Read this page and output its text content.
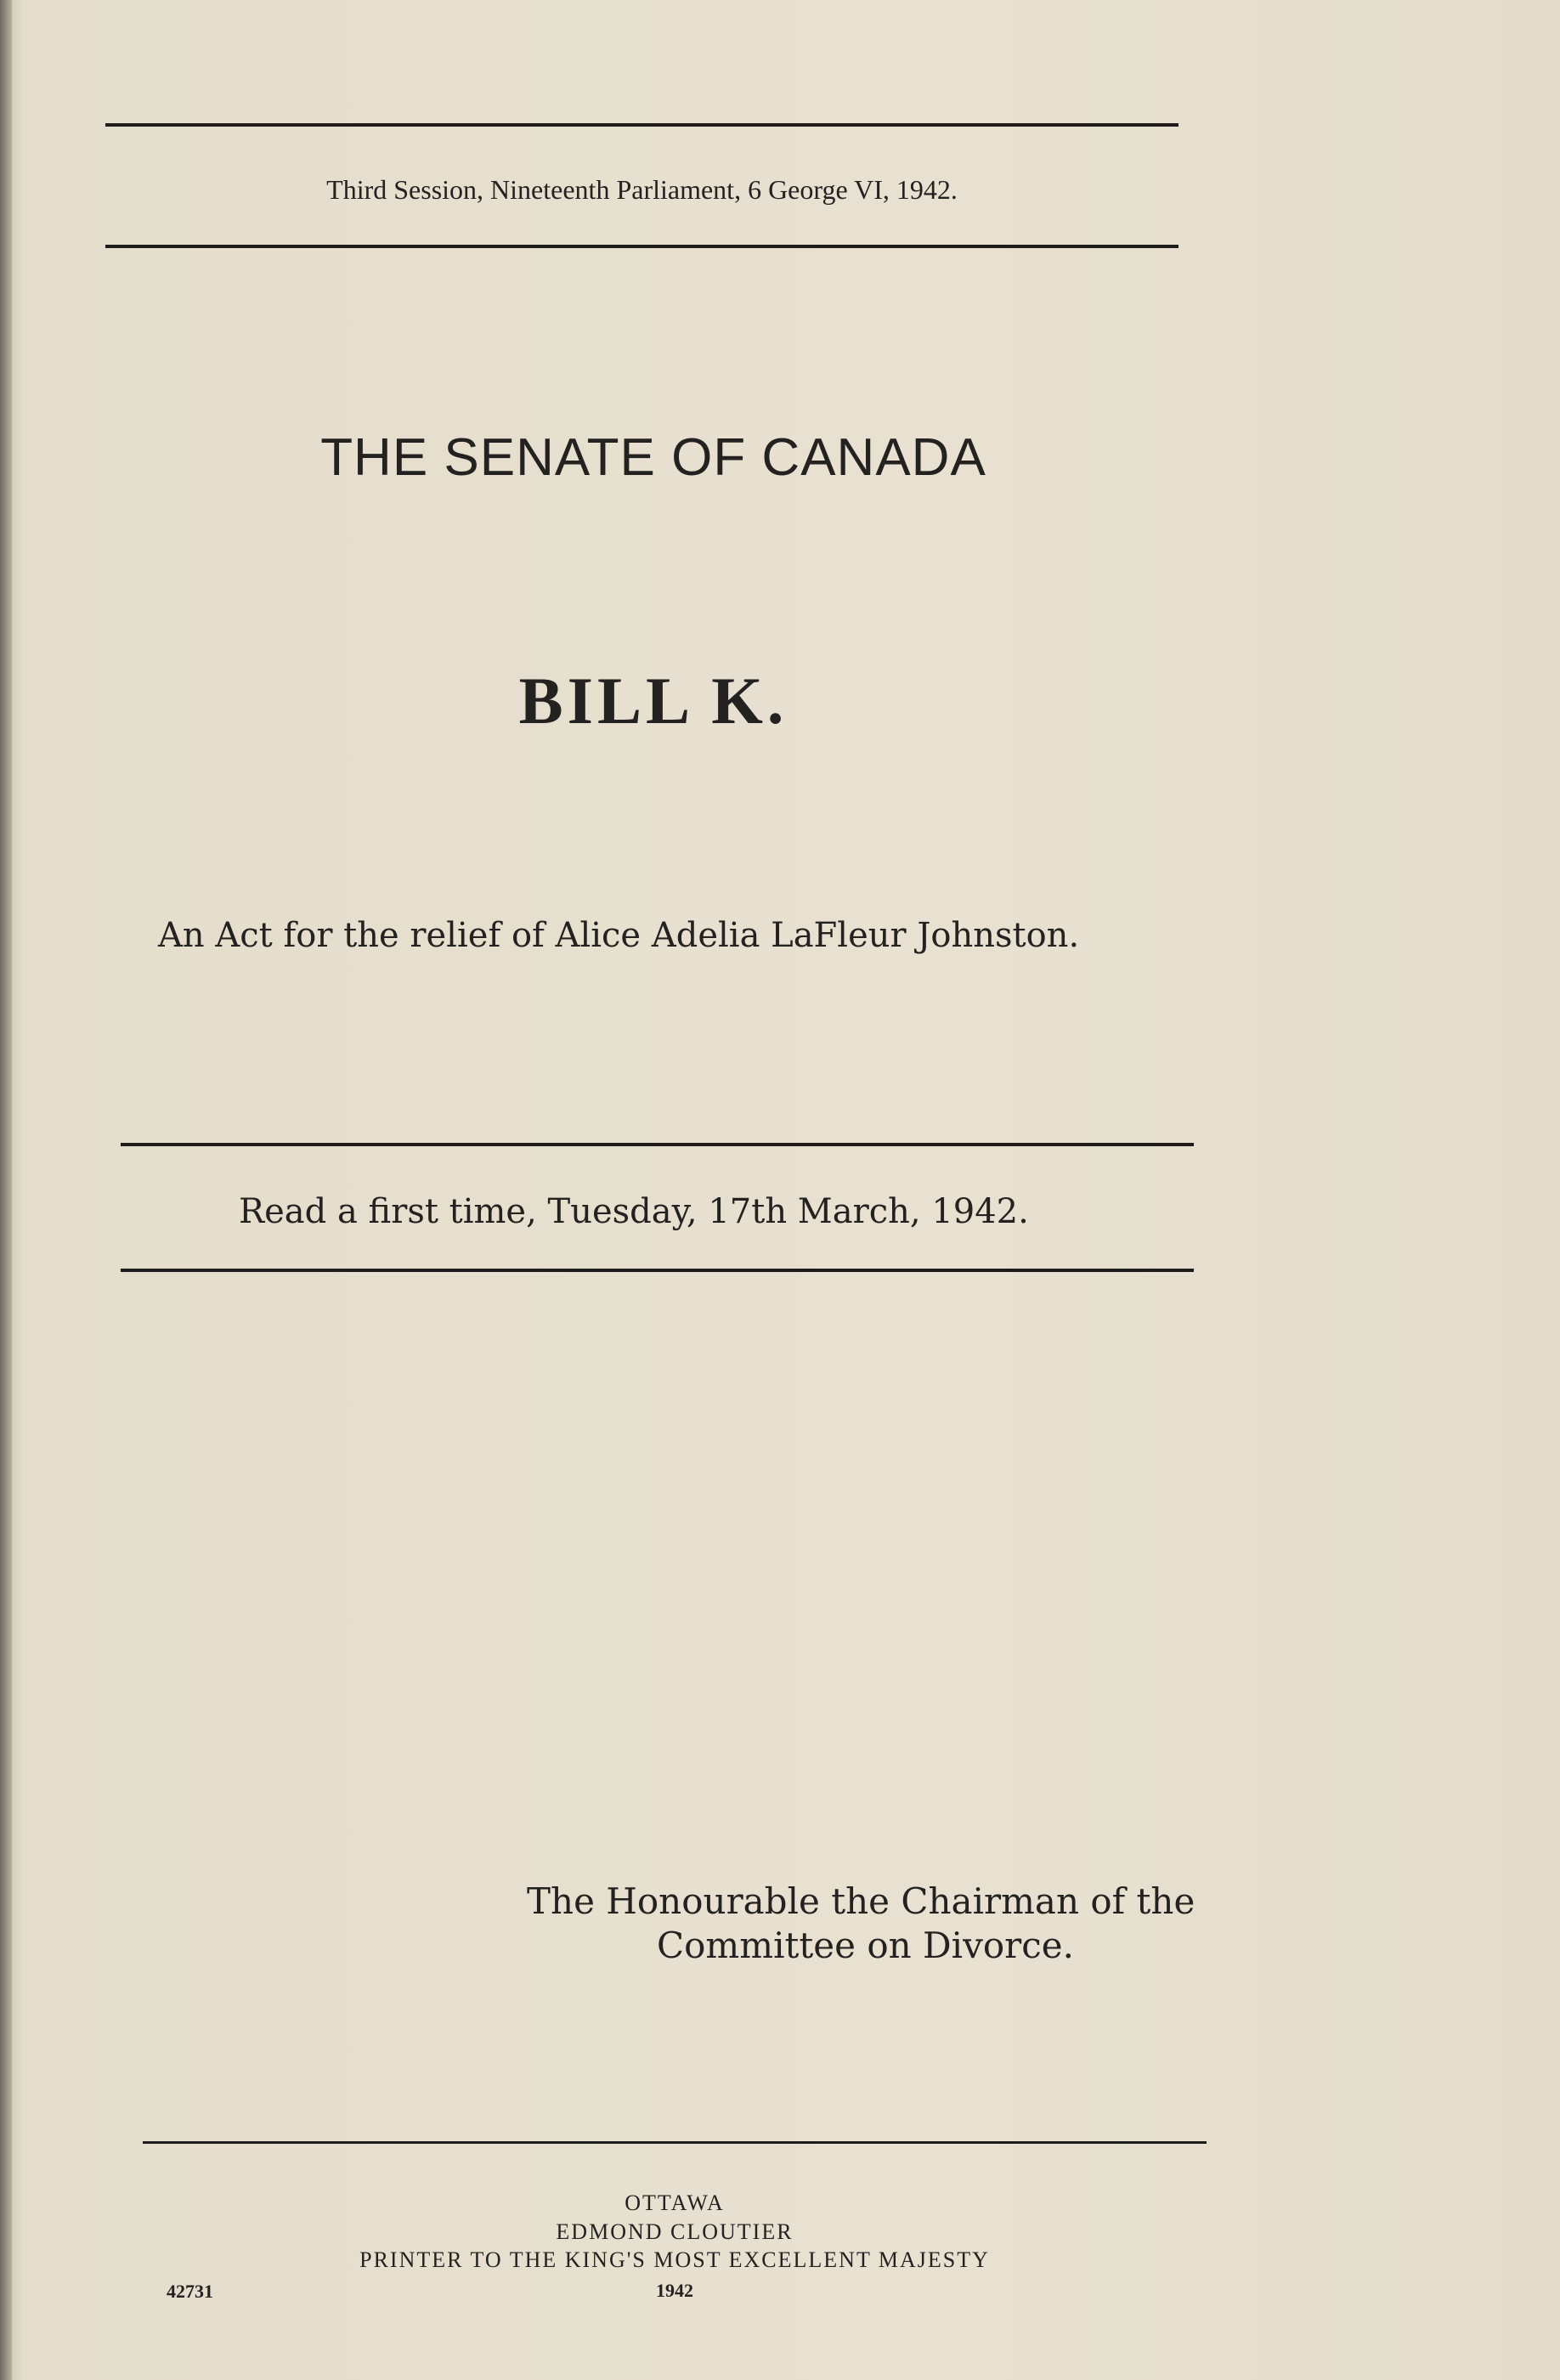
Third Session, Nineteenth Parliament, 6 George VI, 1942.
THE SENATE OF CANADA
BILL K.
An Act for the relief of Alice Adelia LaFleur Johnston.
Read a first time, Tuesday, 17th March, 1942.
The Honourable the Chairman of the
Committee on Divorce.
OTTAWA
EDMOND CLOUTIER
PRINTER TO THE KING'S MOST EXCELLENT MAJESTY
1942
42731
